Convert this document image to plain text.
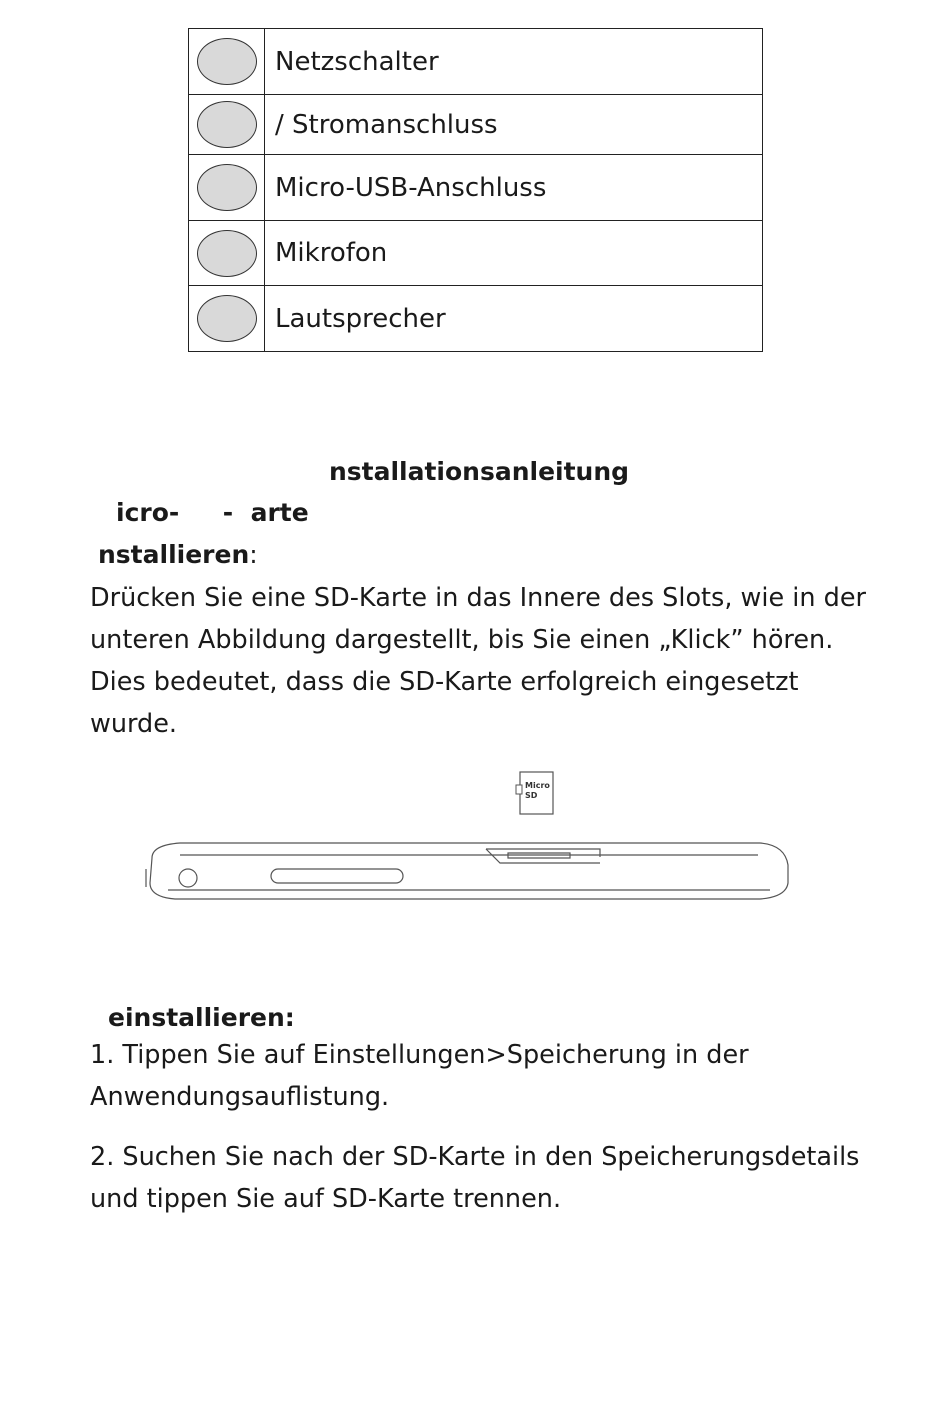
	Netzschalter
	/ Stromanschluss
	Micro-USB-Anschluss
	Mikrofon
	Lautsprecher
nstallationsanleitung

icro-     -  arte

nstallieren:

Drücken Sie eine SD-Karte in das Innere des Slots, wie in der unteren Abbildung dargestellt, bis Sie einen „Klick” hören. Dies bedeutet, dass die SD-Karte erfolgreich eingesetzt wurde.

Micro
SD

einstallieren:

1. Tippen Sie auf Einstellungen>Speicherung in der Anwendungsauflistung.

2. Suchen Sie nach der SD-Karte in den Speicherungsdetails und tippen Sie auf SD-Karte trennen.
